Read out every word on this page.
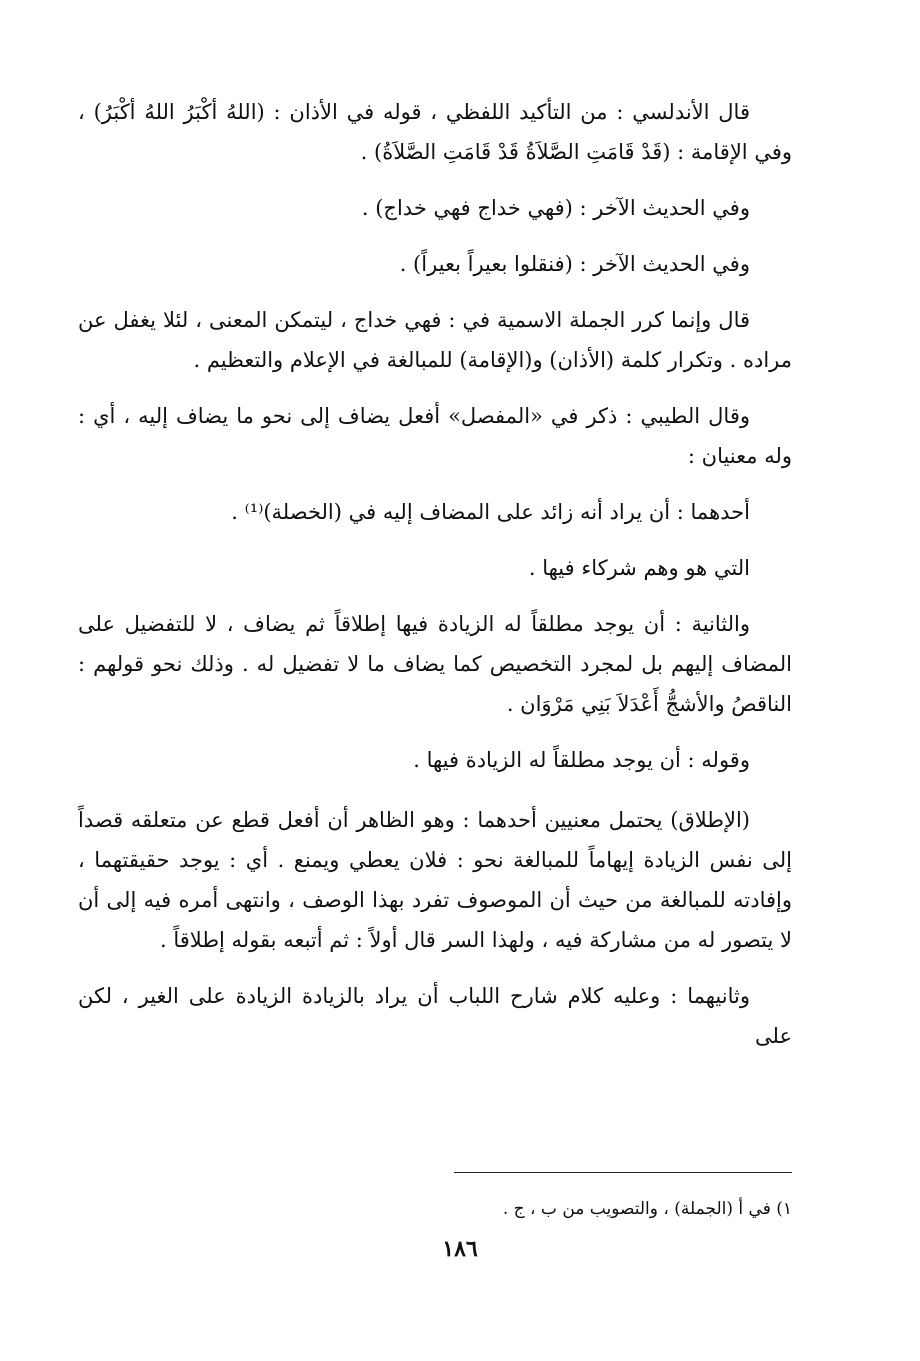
قال الأندلسي : من التأكيد اللفظي ، قوله في الأذان : (اللهُ أكْبَرُ اللهُ أكْبَرُ) ، وفي الإقامة : (قَدْ قَامَتِ الصَّلاَةُ قَدْ قَامَتِ الصَّلاَةُ) .

وفي الحديث الآخر : (فهي خداج فهي خداج) .

وفي الحديث الآخر : (فنقلوا بعيراً بعيراً) .

قال وإنما كرر الجملة الاسمية في : فهي خداج ، ليتمكن المعنى ، لئلا يغفل عن مراده . وتكرار كلمة (الأذان) و(الإقامة) للمبالغة في الإعلام والتعظيم .

وقال الطيبي : ذكر في «المفصل» أفعل يضاف إلى نحو ما يضاف إليه ، أي : وله معنيان :

أحدهما : أن يراد أنه زائد على المضاف إليه في (الخصلة)⁽¹⁾ .

التي هو وهم شركاء فيها .

والثانية : أن يوجد مطلقاً له الزيادة فيها إطلاقاً ثم يضاف ، لا للتفضيل على المضاف إليهم بل لمجرد التخصيص كما يضاف ما لا تفضيل له . وذلك نحو قولهم : الناقصُ والأشجُّ أَعْدَلاَ بَنِي مَرْوَان .

وقوله : أن يوجد مطلقاً له الزيادة فيها .

(الإطلاق) يحتمل معنيين أحدهما : وهو الظاهر أن أفعل قطع عن متعلقه قصداً إلى نفس الزيادة إيهاماً للمبالغة نحو : فلان يعطي ويمنع . أي : يوجد حقيقتهما ، وإفادته للمبالغة من حيث أن الموصوف تفرد بهذا الوصف ، وانتهى أمره فيه إلى أن لا يتصور له من مشاركة فيه ، ولهذا السر قال أولاً : ثم أتبعه بقوله إطلاقاً .

وثانيهما : وعليه كلام شارح اللباب أن يراد بالزيادة الزيادة على الغير ، لكن على

١) في أ (الجملة) ، والتصويب من ب ، ج .
١٨٦
